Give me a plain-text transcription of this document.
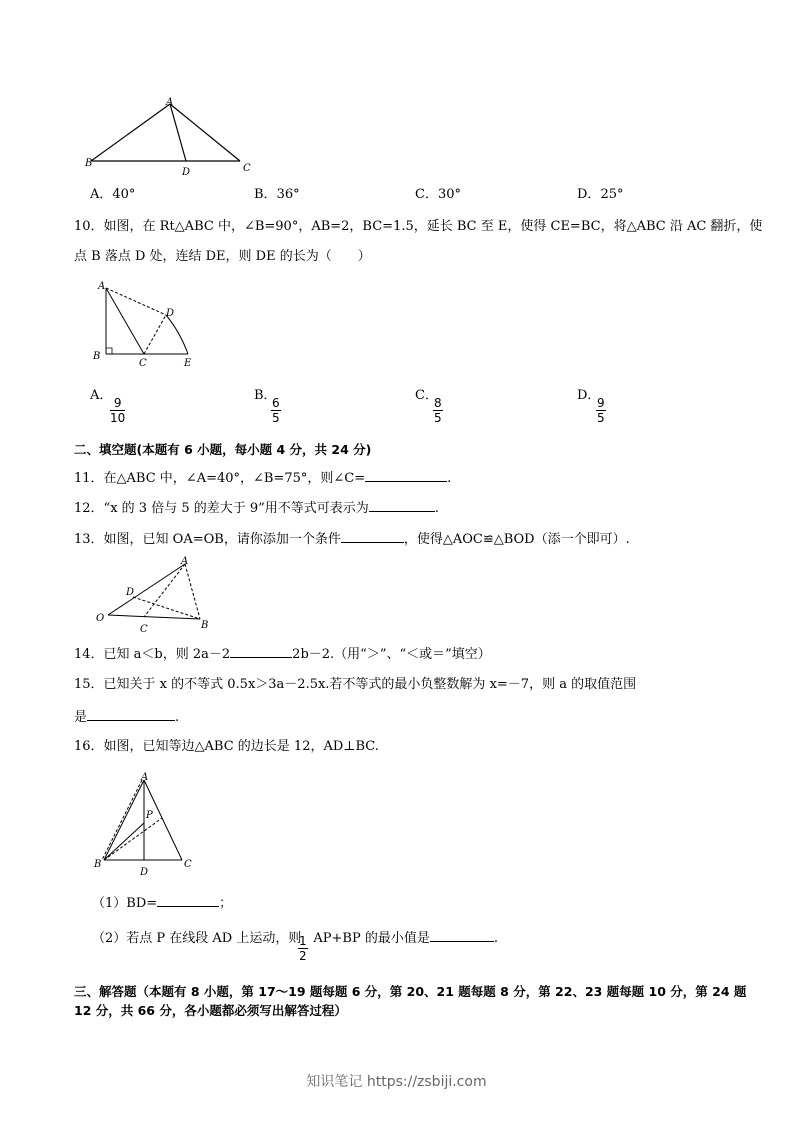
A
B	C
D
A．40°	B．36°	C．30°	D．25°
10．如图，在 Rt△ABC 中，∠B=90°，AB=2，BC=1.5，延长 BC 至 E，使得 CE=BC，将△ABC 沿 AC 翻折，使
点 B 落点 D 处，连结 DE，则 DE 的长为（　　）
A
B
C
D
E
A．
$\frac{9}{10}$
B．
$\frac{6}{5}$
C．
$\frac{8}{5}$
D．
$\frac{9}{5}$
二、填空题(本题有 6 小题，每小题 4 分，共 24 分)
11．在△ABC 中，∠A=40°，∠B=75°，则∠C=	.
12．“x 的 3 倍与 5 的差大于 9”用不等式可表示为	.
13．如图，已知 OA=OB，请你添加一个条件	，使得△AOC≌△BOD（添一个即可）.
A
B
C
D
O
14．已知 a＜b，则 2a－2	2b－2.（用“＞”、“＜或＝”填空）
15．已知关于 x 的不等式 0.5x＞3a－2.5x.若不等式的最小负整数解为 x=－7，则 a 的取值范围
是	.
16．如图，已知等边△ABC 的边长是 12，AD⊥BC.
A
B	C
D
P
（1）BD=	；
（2）若点 P 在线段 AD 上运动，则 AP+BP 的最小值是	.
$\frac{1}{2}$
三、解答题（本题有 8 小题，第 17～19 题每题 6 分，第 20、21 题每题 8 分，第 22、23 题每题 10 分，第 24 题
12 分，共 66 分，各小题都必须写出解答过程）
知识笔记 https://zsbiji.com
